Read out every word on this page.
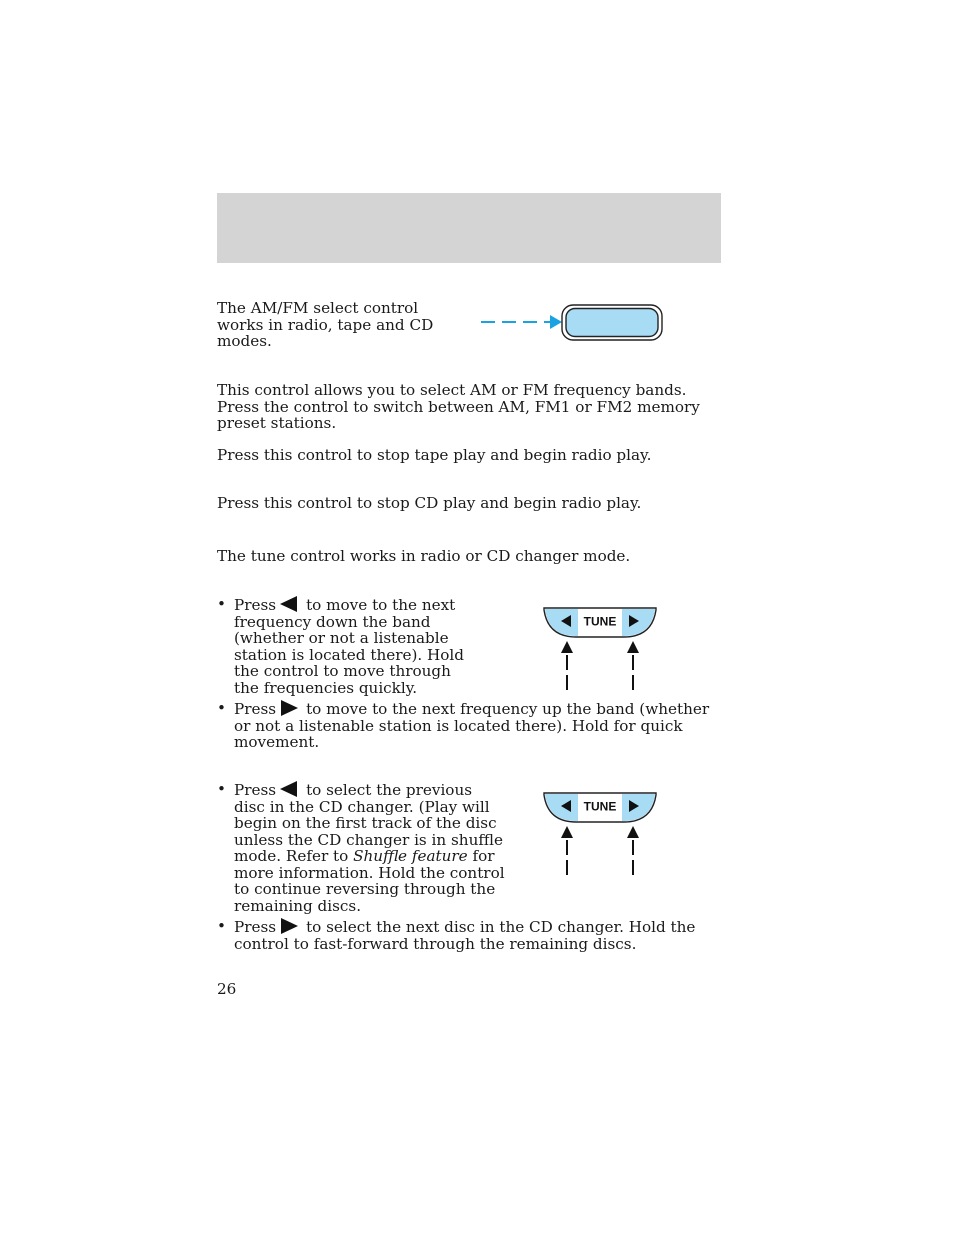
The AM/FM select control works in radio, tape and CD modes.

This control allows you to select AM or FM frequency bands. Press the control to switch between AM, FM1 or FM2 memory preset stations.

Press this control to stop tape play and begin radio play.

Press this control to stop CD play and begin radio play.

The tune control works in radio or CD changer mode.

TUNE
• Press to move to the next frequency down the band (whether or not a listenable station is located there). Hold the control to move through the frequencies quickly.
• Press to move to the next frequency up the band (whether or not a listenable station is located there). Hold for quick movement.
TUNE
• Press to select the previous disc in the CD changer. (Play will begin on the first track of the disc unless the CD changer is in shuffle mode. Refer to Shuffle feature for more information. Hold the control to continue reversing through the remaining discs.
• Press to select the next disc in the CD changer. Hold the control to fast-forward through the remaining discs.

26
